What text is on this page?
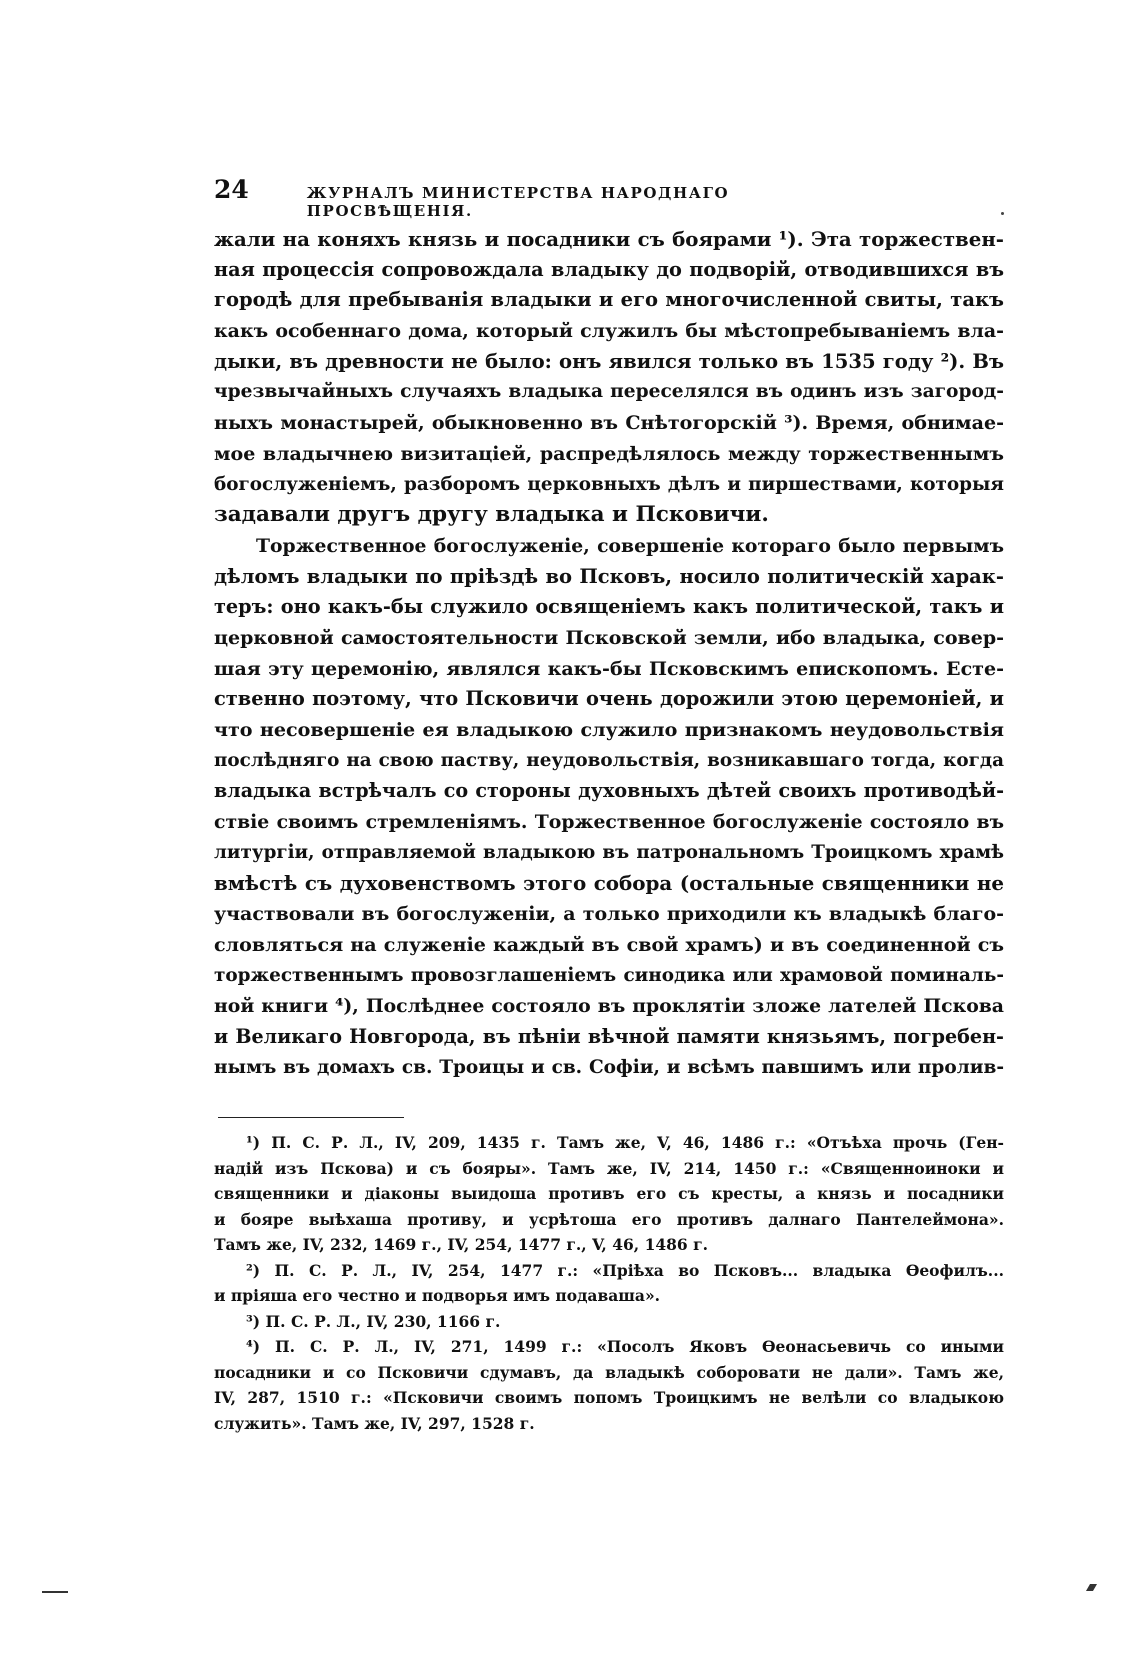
24	ЖУРНАЛЪ МИНИСТЕРСТВА НАРОДНАГО ПРОСВѢЩЕНІЯ.
жали на коняхъ князь и посадники съ боярами ¹). Эта торжествен-
ная процессія сопровождала владыку до подворій, отводившихся въ
городѣ для пребыванія владыки и его многочисленной свиты, такъ
какъ особеннаго дома, который служилъ бы мѣстопребываніемъ вла-
дыки, въ древности не было: онъ явился только въ 1535 году ²). Въ
чрезвычайныхъ случаяхъ владыка переселялся въ одинъ изъ загород-
ныхъ монастырей, обыкновенно въ Снѣтогорскій ³). Время, обнимае-
мое владычнею визитаціей, распредѣлялось между торжественнымъ
богослуженіемъ, разборомъ церковныхъ дѣлъ и пиршествами, которыя
задавали другъ другу владыка и Псковичи.
Торжественное богослуженіе, совершеніе котораго было первымъ
дѣломъ владыки по пріѣздѣ во Псковъ, носило политическій харак-
теръ: оно какъ-бы служило освященіемъ какъ политической, такъ и
церковной самостоятельности Псковской земли, ибо владыка, совер-
шая эту церемонію, являлся какъ-бы Псковскимъ епископомъ. Есте-
ственно поэтому, что Псковичи очень дорожили этою церемоніей, и
что несовершеніе ея владыкою служило признакомъ неудовольствія
послѣдняго на свою паству, неудовольствія, возникавшаго тогда, когда
владыка встрѣчалъ со стороны духовныхъ дѣтей своихъ противодѣй-
ствіе своимъ стремленіямъ. Торжественное богослуженіе состояло въ
литургіи, отправляемой владыкою въ патрональномъ Троицкомъ храмѣ
вмѣстѣ съ духовенствомъ этого собора (остальные священники не
участвовали въ богослуженіи, а только приходили къ владыкѣ благо-
словляться на служеніе каждый въ свой храмъ) и въ соединенной съ
торжественнымъ провозглашеніемъ синодика или храмовой поминаль-
ной книги ⁴), Послѣднее состояло въ проклятіи зложе лателей Пскова
и Великаго Новгорода, въ пѣніи вѣчной памяти князьямъ, погребен-
нымъ въ домахъ св. Троицы и св. Софіи, и всѣмъ павшимъ или пролив-
¹) П. С. Р. Л., IV, 209, 1435 г. Тамъ же, V, 46, 1486 г.: «Отъѣха прочь (Ген-
надій изъ Пскова) и съ бояры». Тамъ же, IV, 214, 1450 г.: «Священноиноки и
священники и діаконы выидоша противъ его съ кресты, а князь и посадники
и бояре выѣхаша противу, и усрѣтоша его противъ далнаго Пантелеймона».
Тамъ же, IV, 232, 1469 г., IV, 254, 1477 г., V, 46, 1486 г.
²) П. С. Р. Л., IV, 254, 1477 г.: «Пріѣха во Псковъ... владыка Ѳеофилъ...
и пріяша его честно и подворья имъ подаваша».
³) П. С. Р. Л., IV, 230, 1166 г.
⁴) П. С. Р. Л., IV, 271, 1499 г.: «Посолъ Яковъ Ѳеонасьевичь со иными
посадники и со Псковичи сдумавъ, да владыкѣ соборовати не дали». Тамъ же,
IV, 287, 1510 г.: «Псковичи своимъ попомъ Троицкимъ не велѣли со владыкою
служить». Тамъ же, IV, 297, 1528 г.
